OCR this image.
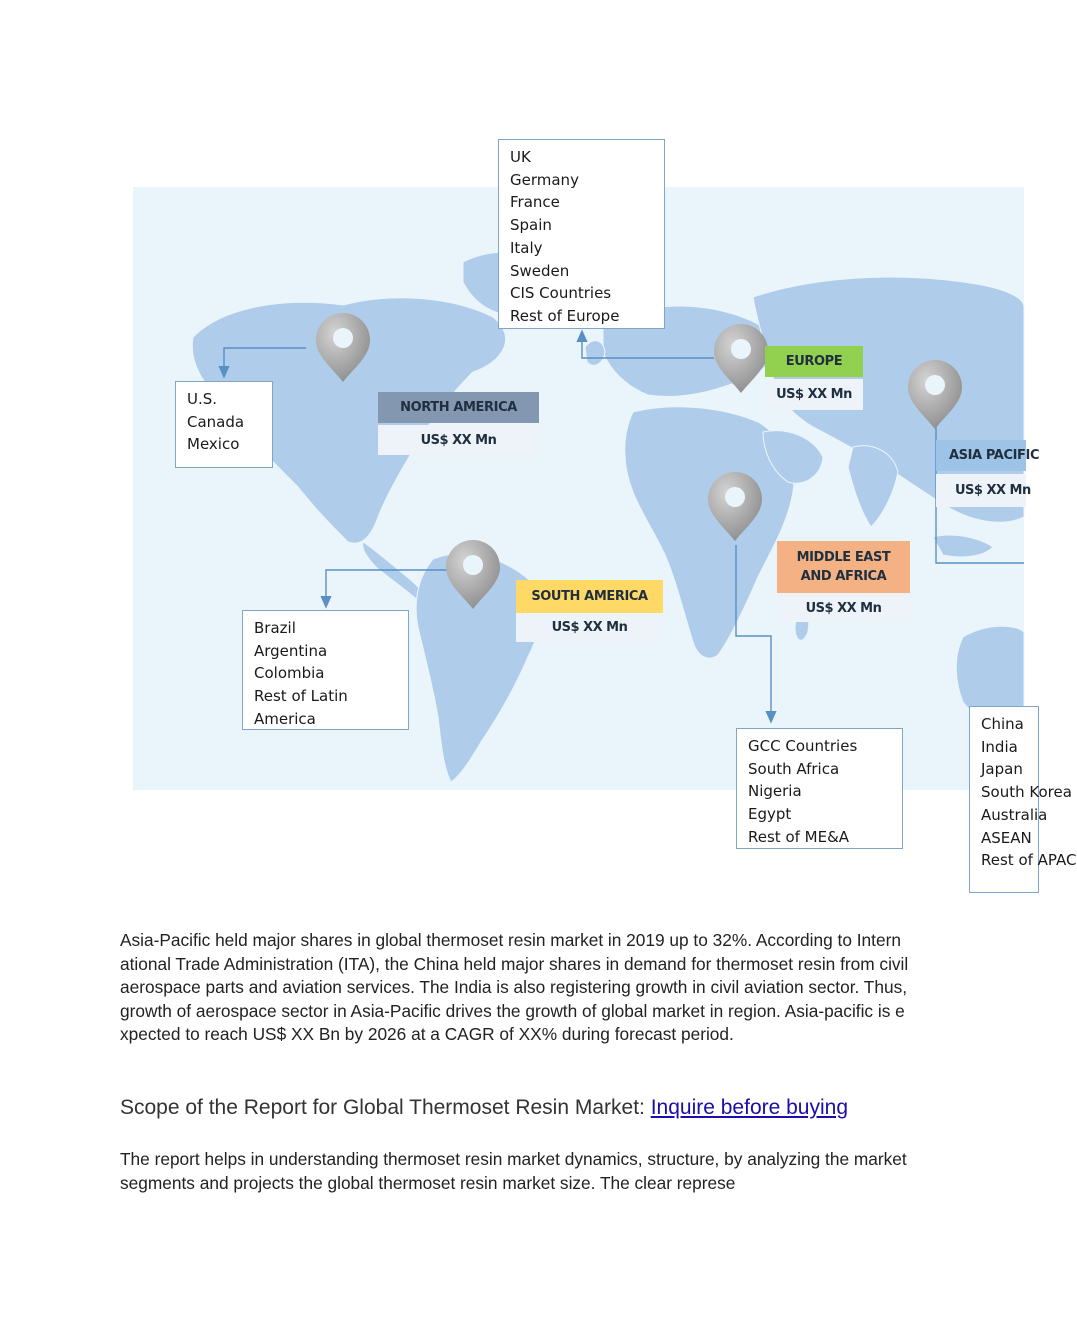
UK
Germany
France
Spain
Italy
Sweden
CIS Countries
Rest of Europe
U.S.
Canada
Mexico
Brazil
Argentina
Colombia
Rest of Latin
America
GCC Countries
South Africa
Nigeria
Egypt
Rest of ME&A
China
India
Japan
South Korea
Australia
ASEAN
Rest of APAC
NORTH AMERICA
US$ XX Mn
EUROPE
US$ XX Mn
ASIA PACIFIC
US$ XX Mn
MIDDLE EAST
AND AFRICA
US$ XX Mn
SOUTH AMERICA
US$ XX Mn
Asia-Pacific held major shares in global thermoset resin market in 2019 up to 32%. According to International Trade Administration (ITA), the China held major shares in demand for thermoset resin from civil aerospace parts and aviation services. The India is also registering growth in civil aviation sector. Thus, growth of aerospace sector in Asia-Pacific drives the growth of global market in region. Asia-pacific is expected to reach US$ XX Bn by 2026 at a CAGR of XX% during forecast period.
Scope of the Report for Global Thermoset Resin Market: Inquire before buying
The report helps in understanding thermoset resin market dynamics, structure, by analyzing the market segments and projects the global thermoset resin market size. The clear represe
